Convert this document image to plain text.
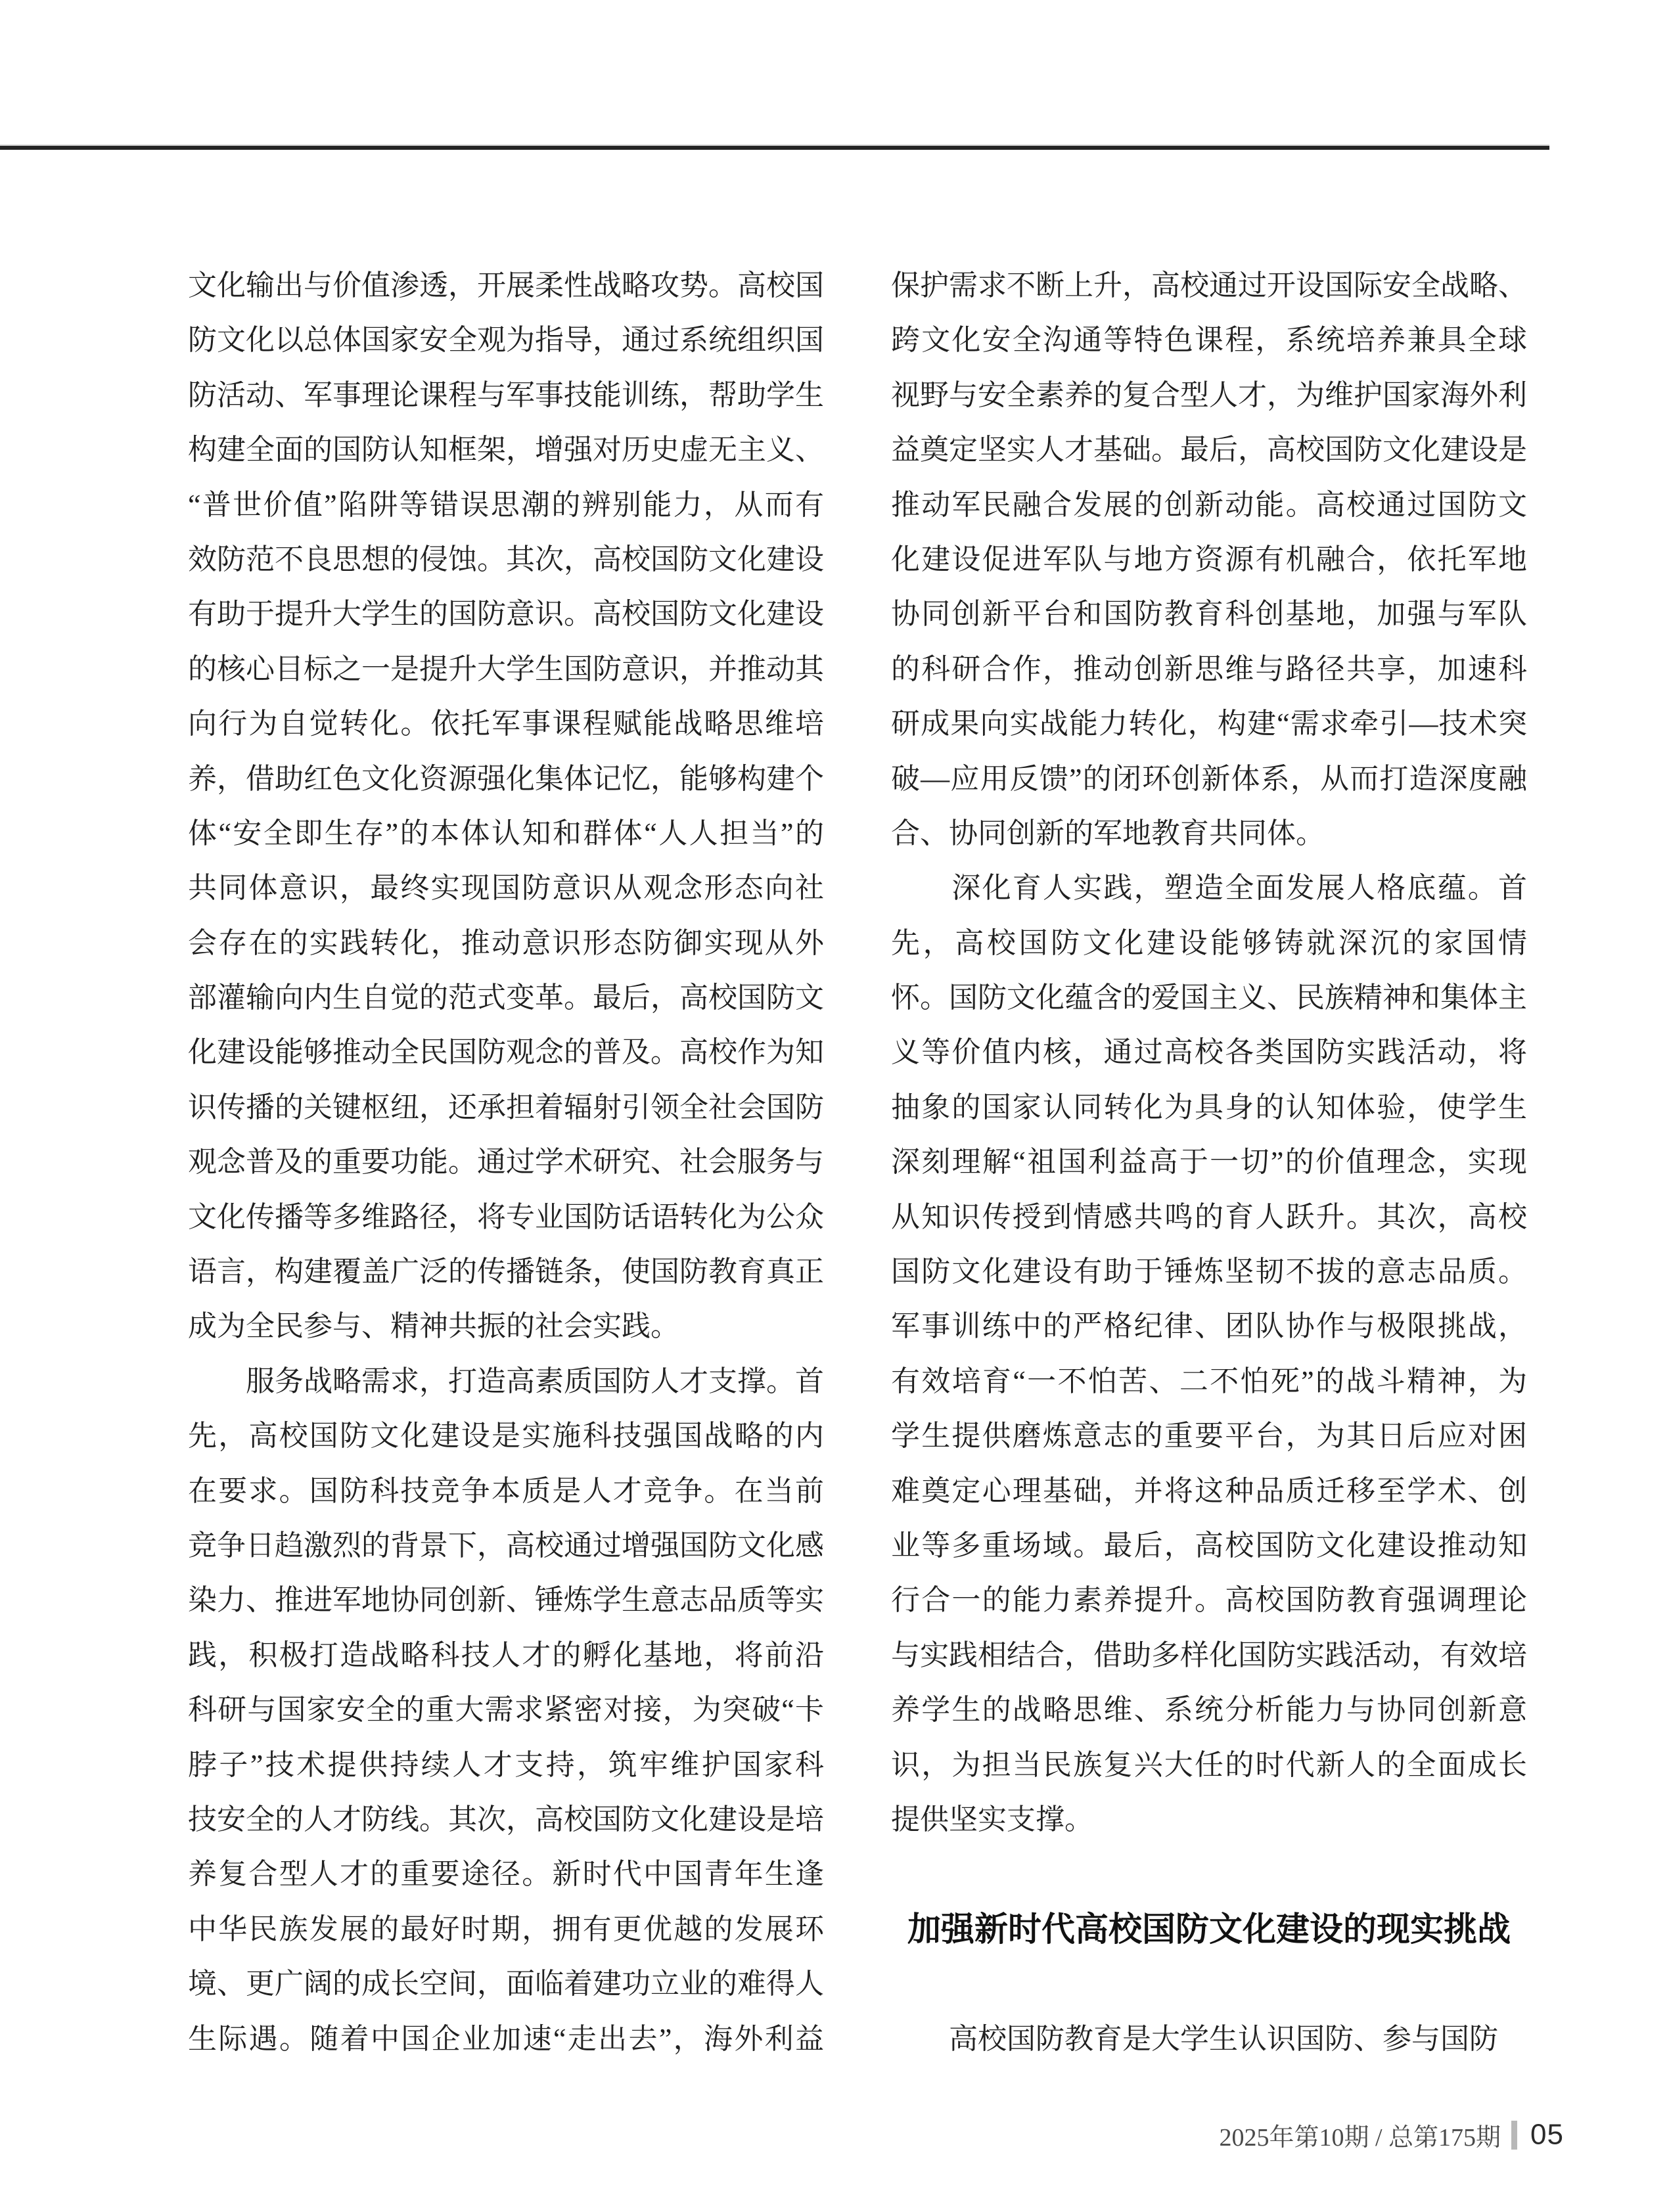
文化输出与价值渗透，开展柔性战略攻势。高校国
防文化以总体国家安全观为指导，通过系统组织国
防活动、军事理论课程与军事技能训练，帮助学生
构建全面的国防认知框架，增强对历史虚无主义、
“普世价值”陷阱等错误思潮的辨别能力，从而有
效防范不良思想的侵蚀。其次，高校国防文化建设
有助于提升大学生的国防意识。高校国防文化建设
的核心目标之一是提升大学生国防意识，并推动其
向行为自觉转化。依托军事课程赋能战略思维培
养，借助红色文化资源强化集体记忆，能够构建个
体“安全即生存”的本体认知和群体“人人担当”的
共同体意识，最终实现国防意识从观念形态向社
会存在的实践转化，推动意识形态防御实现从外
部灌输向内生自觉的范式变革。最后，高校国防文
化建设能够推动全民国防观念的普及。高校作为知
识传播的关键枢纽，还承担着辐射引领全社会国防
观念普及的重要功能。通过学术研究、社会服务与
文化传播等多维路径，将专业国防话语转化为公众
语言，构建覆盖广泛的传播链条，使国防教育真正
成为全民参与、精神共振的社会实践。
　　服务战略需求，打造高素质国防人才支撑。首
先，高校国防文化建设是实施科技强国战略的内
在要求。国防科技竞争本质是人才竞争。在当前
竞争日趋激烈的背景下，高校通过增强国防文化感
染力、推进军地协同创新、锤炼学生意志品质等实
践，积极打造战略科技人才的孵化基地，将前沿
科研与国家安全的重大需求紧密对接，为突破“卡
脖子”技术提供持续人才支持，筑牢维护国家科
技安全的人才防线。其次，高校国防文化建设是培
养复合型人才的重要途径。新时代中国青年生逢
中华民族发展的最好时期，拥有更优越的发展环
境、更广阔的成长空间，面临着建功立业的难得人
生际遇。随着中国企业加速“走出去”，海外利益
保护需求不断上升，高校通过开设国际安全战略、
跨文化安全沟通等特色课程，系统培养兼具全球
视野与安全素养的复合型人才，为维护国家海外利
益奠定坚实人才基础。最后，高校国防文化建设是
推动军民融合发展的创新动能。高校通过国防文
化建设促进军队与地方资源有机融合，依托军地
协同创新平台和国防教育科创基地，加强与军队
的科研合作，推动创新思维与路径共享，加速科
研成果向实战能力转化，构建“需求牵引—技术突
破—应用反馈”的闭环创新体系，从而打造深度融
合、协同创新的军地教育共同体。
　　深化育人实践，塑造全面发展人格底蕴。首
先，高校国防文化建设能够铸就深沉的家国情
怀。国防文化蕴含的爱国主义、民族精神和集体主
义等价值内核，通过高校各类国防实践活动，将
抽象的国家认同转化为具身的认知体验，使学生
深刻理解“祖国利益高于一切”的价值理念，实现
从知识传授到情感共鸣的育人跃升。其次，高校
国防文化建设有助于锤炼坚韧不拔的意志品质。
军事训练中的严格纪律、团队协作与极限挑战，
有效培育“一不怕苦、二不怕死”的战斗精神，为
学生提供磨炼意志的重要平台，为其日后应对困
难奠定心理基础，并将这种品质迁移至学术、创
业等多重场域。最后，高校国防文化建设推动知
行合一的能力素养提升。高校国防教育强调理论
与实践相结合，借助多样化国防实践活动，有效培
养学生的战略思维、系统分析能力与协同创新意
识，为担当民族复兴大任的时代新人的全面成长
提供坚实支撑。
加强新时代高校国防文化建设的现实挑战
　　高校国防教育是大学生认识国防、参与国防
2025年第10期 / 总第175期 05
